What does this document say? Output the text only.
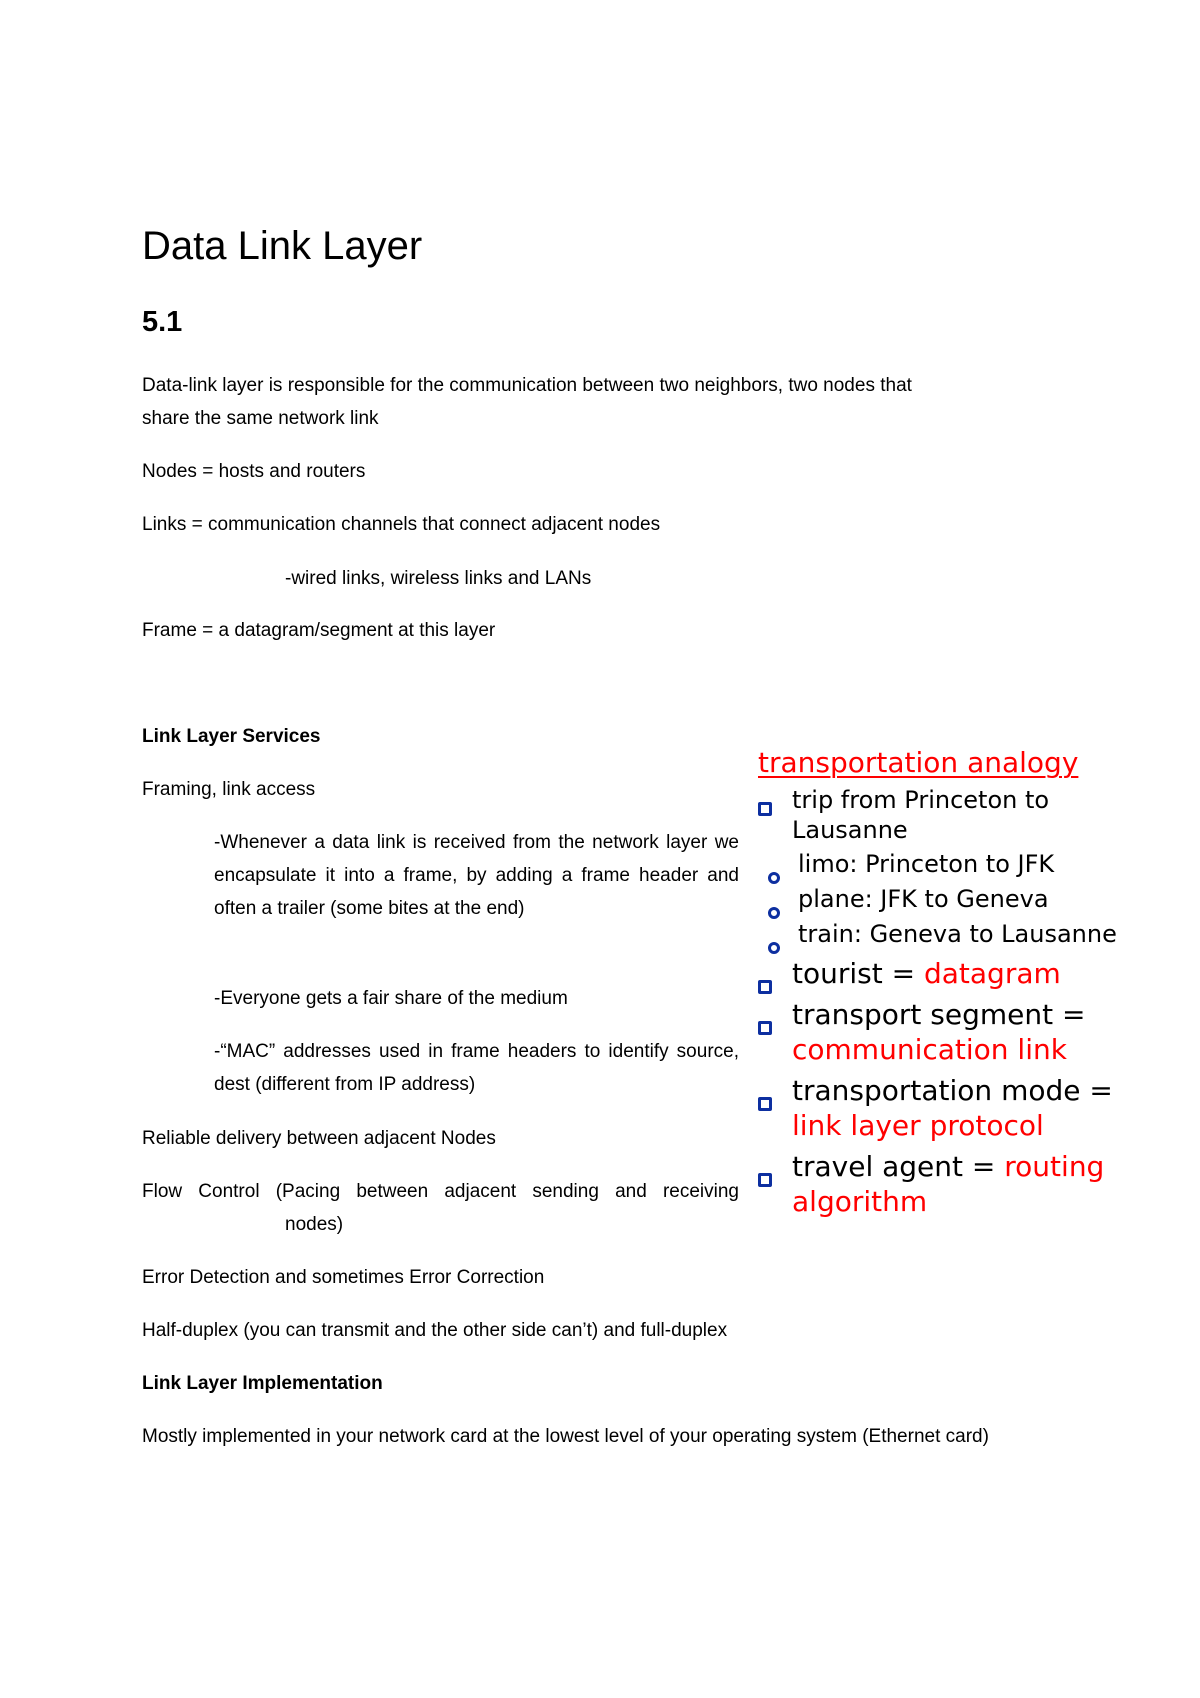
Data Link Layer
5.1
Data-link layer is responsible for the communication between two neighbors, two nodes that
share the same network link
Nodes = hosts and routers
Links = communication channels that connect adjacent nodes
-wired links, wireless links and LANs
Frame = a datagram/segment at this layer
Link Layer Services
Framing, link access
-Whenever a data link is received from the network layer we encapsulate it into a frame, by adding a frame header and often a trailer (some bites at the end)
-Everyone gets a fair share of the medium
-“MAC” addresses used in frame headers to identify source, dest (different from IP address)
Reliable delivery between adjacent Nodes
Flow Control (Pacing between adjacent sending and receiving
nodes)
Error Detection and sometimes Error Correction
Half-duplex (you can transmit and the other side can’t) and full-duplex
Link Layer Implementation
Mostly implemented in your network card at the lowest level of your operating system (Ethernet card)
transportation analogy
trip from Princeton to Lausanne
limo: Princeton to JFK
plane: JFK to Geneva
train: Geneva to Lausanne
tourist = datagram
transport segment =
communication link
transportation mode =
link layer protocol
travel agent = routing
algorithm
